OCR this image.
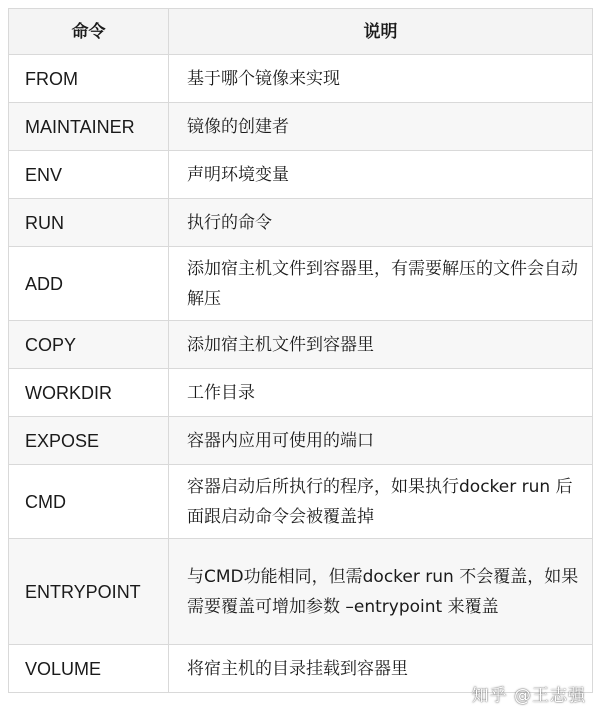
命令	说明
FROM	基于哪个镜像来实现
MAINTAINER	镜像的创建者
ENV	声明环境变量
RUN	执行的命令
ADD	添加宿主机文件到容器里，有需要解压的文件会自动解压
COPY	添加宿主机文件到容器里
WORKDIR	工作目录
EXPOSE	容器内应用可使用的端口
CMD	容器启动后所执行的程序，如果执行docker run 后面跟启动命令会被覆盖掉
ENTRYPOINT	与CMD功能相同，但需docker run 不会覆盖，如果需要覆盖可增加参数 –entrypoint 来覆盖
VOLUME	将宿主机的目录挂载到容器里
知乎 @王志强
